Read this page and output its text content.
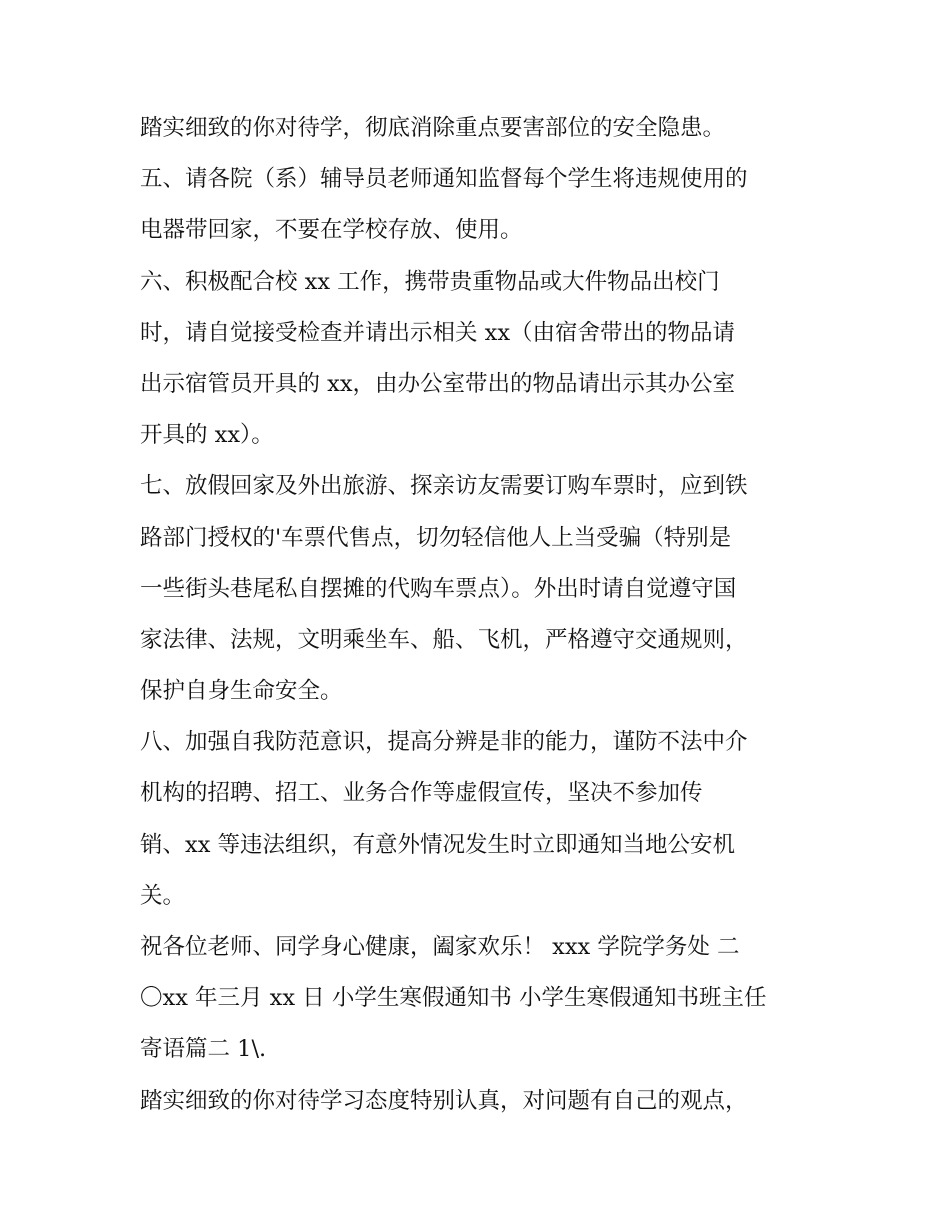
踏实细致的你对待学，彻底消除重点要害部位的安全隐患。
五、请各院（系）辅导员老师通知监督每个学生将违规使用的
电器带回家，不要在学校存放、使用。
六、积极配合校 xx 工作，携带贵重物品或大件物品出校门
时，请自觉接受检查并请出示相关 xx（由宿舍带出的物品请
出示宿管员开具的 xx，由办公室带出的物品请出示其办公室
开具的 xx）。
七、放假回家及外出旅游、探亲访友需要订购车票时，应到铁
路部门授权的'车票代售点，切勿轻信他人上当受骗（特别是
一些街头巷尾私自摆摊的代购车票点）。外出时请自觉遵守国
家法律、法规，文明乘坐车、船、飞机，严格遵守交通规则，
保护自身生命安全。
八、加强自我防范意识，提高分辨是非的能力，谨防不法中介
机构的招聘、招工、业务合作等虚假宣传，坚决不参加传
销、xx 等违法组织，有意外情况发生时立即通知当地公安机
关。
祝各位老师、同学身心健康，阖家欢乐！ xxx 学院学务处 二
〇xx 年三月 xx 日 小学生寒假通知书 小学生寒假通知书班主任
寄语篇二 1\.
踏实细致的你对待学习态度特别认真，对问题有自己的观点，
